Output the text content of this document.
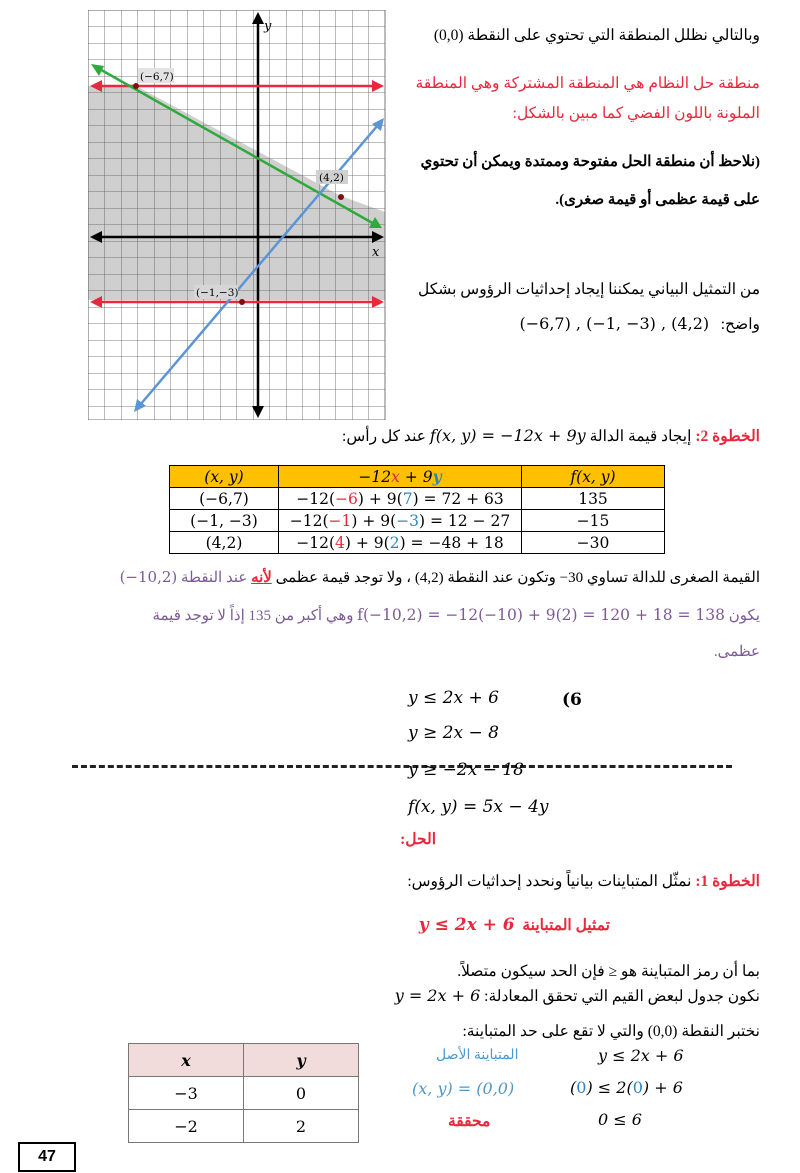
y
x
(−6,7)
(4,2)
(−1,−3)
وبالتالي نظلل المنطقة التي تحتوي على النقطة (0,0)
منطقة حل النظام هي المنطقة المشتركة وهي المنطقة
الملونة باللون الفضي كما مبين بالشكل:
(نلاحظ أن منطقة الحل مفتوحة وممتدة ويمكن أن تحتوي
على قيمة عظمى أو قيمة صغرى).
من التمثيل البياني يمكننا إيجاد إحداثيات الرؤوس بشكل
واضح:   (−6,7) , (−1, −3) , (4,2)
الخطوة 2: إيجاد قيمة الدالة f(x, y) = −12x + 9y عند كل رأس:
(x, y)	−12x + 9y	f(x, y)
(−6,7)	−12(−6) + 9(7) = 72 + 63	135
(−1, −3)	−12(−1) + 9(−3) = 12 − 27	−15
(4,2)	−12(4) + 9(2) = −48 + 18	−30
القيمة الصغرى للدالة تساوي 30− وتكون عند النقطة (4,2) ، ولا توجد قيمة عظمى لأنه عند النقطة (−10,2)
يكون f(−10,2) = −12(−10) + 9(2) = 120 + 18 = 138 وهي أكبر من 135 إذاً لا توجد قيمة
عظمى.
(6
y ≤ 2x + 6
y ≥ 2x − 8
y ≥ −2x − 18
f(x, y) = 5x − 4y
الحل:
الخطوة 1: نمثّل المتباينات بيانياً ونحدد إحداثيات الرؤوس:
تمثيل المتباينة  y ≤ 2x + 6
بما أن رمز المتباينة هو ≤ فإن الحد سيكون متصلاً.
نكون جدول لبعض القيم التي تحقق المعادلة: y = 2x + 6
نختبر النقطة (0,0) والتي لا تقع على حد المتباينة:
المتباينة الأصل	y ≤ 2x + 6
(x, y) = (0,0)	(0) ≤ 2(0) + 6
محققة	0 ≤ 6
x	y
−3	0
−2	2
47
